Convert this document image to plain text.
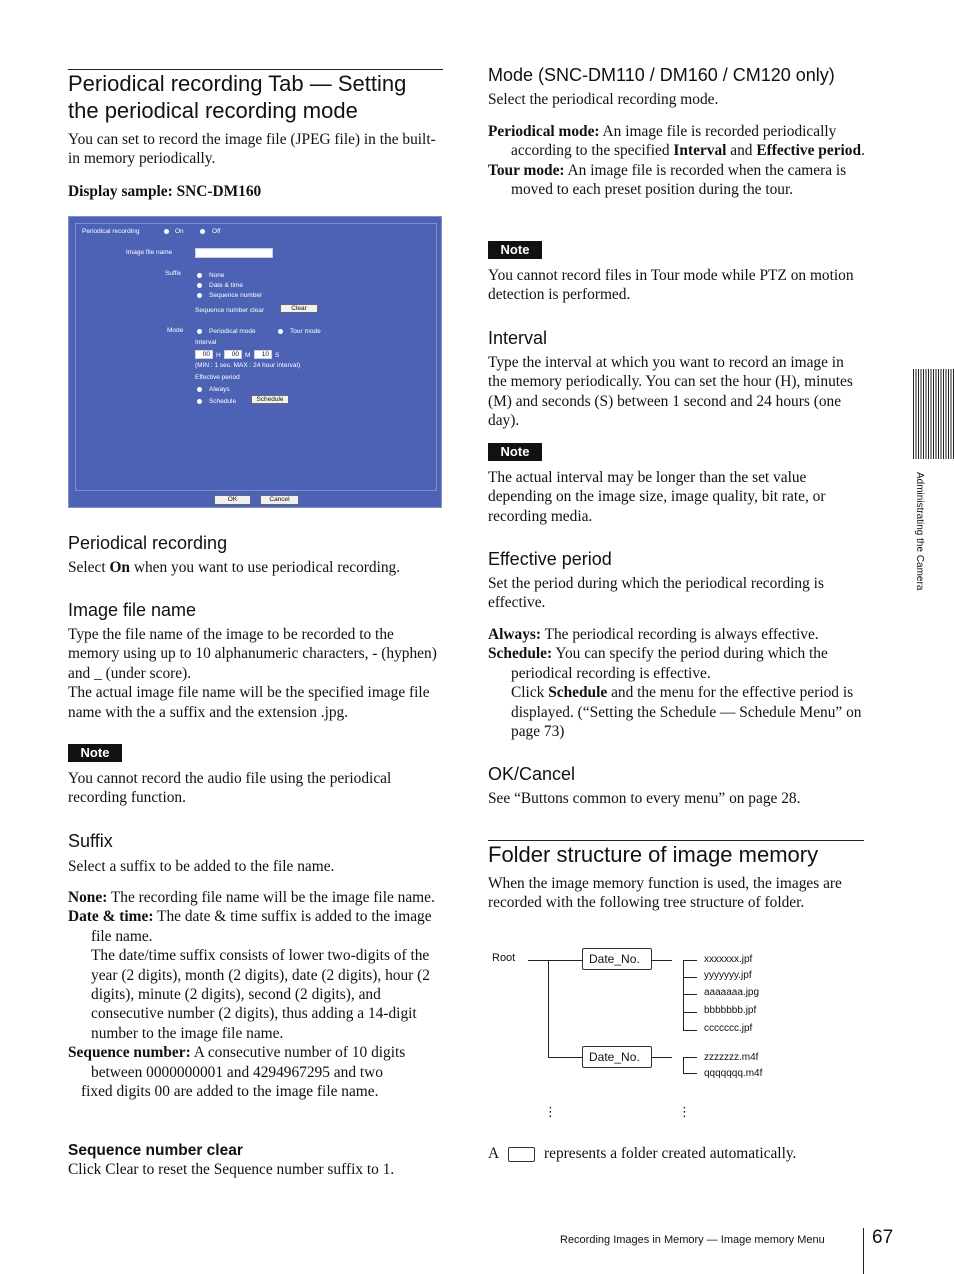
Periodical recording Tab — Setting
the periodical recording mode
You can set to record the image file (JPEG file) in the built-in memory periodically.
Display sample: SNC-DM160
Periodical recording	On	Off
Image file name
Suffix	None
Date & time
Sequence number
Sequence number clear	Clear
Mode	Periodical mode	Tour mode
Interval
00 H	00 M	10 S
(MIN : 1 sec. MAX : 24 hour interval)
Effective period
Always
Schedule	Schedule
OK	Cancel
Periodical recording
Select On when you want to use periodical recording.
Image file name
Type the file name of the image to be recorded to the memory using up to 10 alphanumeric characters, - (hyphen) and _ (under score).
The actual image file name will be the specified image file name with the a suffix and the extension .jpg.
Note
You cannot record the audio file using the periodical recording function.
Suffix
Select a suffix to be added to the file name.

None: The recording file name will be the image file name.

Date & time: The date & time suffix is added to the image file name.

The date/time suffix consists of lower two-digits of the year (2 digits), month (2 digits), date (2 digits), hour (2 digits), minute (2 digits), second (2 digits), and consecutive number (2 digits), thus adding a 14-digit number to the image file name.

Sequence number: A consecutive number of 10 digits between 0000000001 and 4294967295 and two

fixed digits 00 are added to the image file name.

Sequence number clear
Click Clear to reset the Sequence number suffix to 1.
Mode (SNC-DM110 / DM160 / CM120 only)
Select the periodical recording mode.

Periodical mode: An image file is recorded periodically according to the specified Interval and Effective period.

Tour mode: An image file is recorded when the camera is moved to each preset position during the tour.

Note
You cannot record files in Tour mode while PTZ on motion detection is performed.
Interval
Type the interval at which you want to record an image in the memory periodically. You can set the hour (H), minutes (M) and seconds (S) between 1 second and 24 hours (one day).
Note
The actual interval may be longer than the set value depending on the image size, image quality, bit rate, or recording media.
Effective period
Set the period during which the periodical recording is effective.

Always: The periodical recording is always effective.

Schedule: You can specify the period during which the periodical recording is effective.

Click Schedule and the menu for the effective period is displayed. (“Setting the Schedule — Schedule Menu” on page 73)

OK/Cancel
See “Buttons common to every menu” on page 28.
Folder structure of image memory
When the image memory function is used, the images are recorded with the following tree structure of folder.
Root	Date_No.
Date_No.
xxxxxxx.jpf
yyyyyyy.jpf
aaaaaaa.jpg
bbbbbbb.jpf
ccccccc.jpf
zzzzzzz.m4f
qqqqqqq.m4f
⋮	⋮
A	represents a folder created automatically.
Administrating the Camera
Recording Images in Memory — Image memory Menu 67
